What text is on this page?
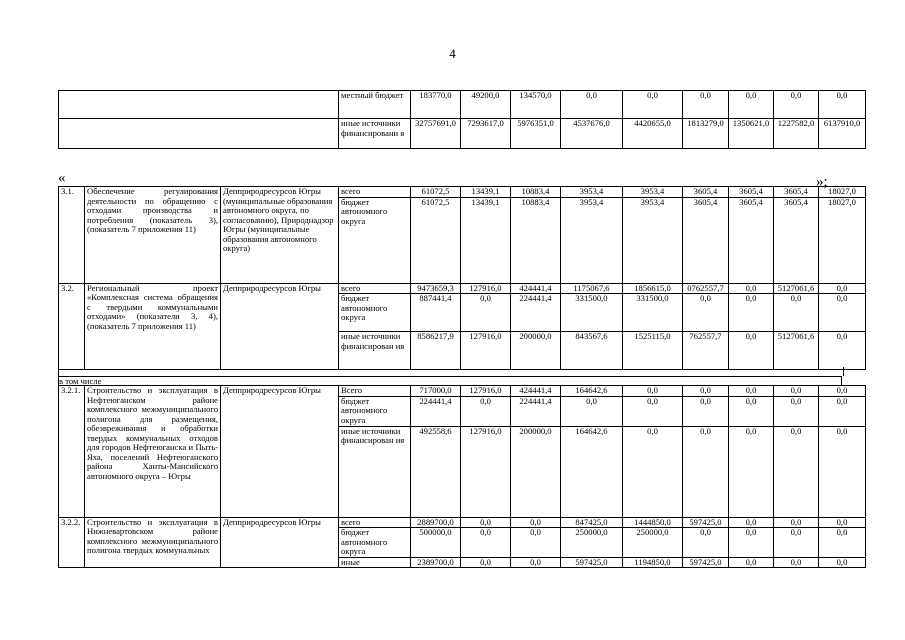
4
	местный бюджет	183770,0	49200,0	134570,0	0,0	0,0	0,0	0,0	0,0	0,0
	иные источники финансировани я	32757691,0	7293617,0	5976351,0	4537676,0	4420655,0	1813279,0	1350621,0	1227582,0	6137910,0
»;
«
3.1.	Обеспечение регулирования деятельности по обращению с отходами производства и потребления (показатель 3), (показатель 7 приложения 11)	Депприродресурсов Югры (муниципальные образования автономного округа, по согласованию), Природнадзор Югры (муниципальные образования автономного округа)	всего	61072,5	13439,1	10883,4	3953,4	3953,4	3605,4	3605,4	3605,4	18027,0
			бюджет автономного округа	61072,5	13439,1	10883,4	3953,4	3953,4	3605,4	3605,4	3605,4	18027,0
3.2.	Региональный проект «Комплексная система обращения с твердыми коммунальными отходами» (показатели 3, 4), (показатель 7 приложения 11)	Депприродресурсов Югры	всего	9473659,3	127916,0	424441,4	1175067,6	1856615,0	0762557,7	0,0	5127061,6	0,0
			бюджет автономного округа	887441,4	0,0	224441,4	331500,0	331500,0	0,0	0,0	0,0	0,0
			иные источники финансирован ия	8586217,9	127916,0	200000,0	843567,6	1525115,0	762557,7	0,0	5127061,6	0,0
в том числе
3.2.1.	Строительство и эксплуатация в Нефтеюганском районе комплексного межмуниципального полигона для размещения, обезвреживания и обработки твердых коммунальных отходов для городов Нефтеюганска и Пыть-Яха, поселений Нефтеюганского района Ханты-Мансийского автономного округа – Югры	Депприродресурсов Югры	Всего	717000,0	127916,0	424441,4	164642,6	0,0	0,0	0,0	0,0	0,0
			бюджет автономного округа	224441,4	0,0	224441,4	0,0	0,0	0,0	0,0	0,0	0,0
			иные источники финансирован ия	492558,6	127916,0	200000,0	164642,6	0,0	0,0	0,0	0,0	0,0
3.2.2.	Строительство и эксплуатация в Нижневартовском районе комплексного межмуниципального полигона твердых коммунальных	Депприродресурсов Югры	всего	2889700,0	0,0	0,0	847425,0	1444850,0	597425,0	0,0	0,0	0,0
			бюджет автономного округа	500000,0	0,0	0,0	250000,0	250000,0	0,0	0,0	0,0	0,0
			иные	2389700,0	0,0	0,0	597425,0	1194850,0	597425,0	0,0	0,0	0,0
